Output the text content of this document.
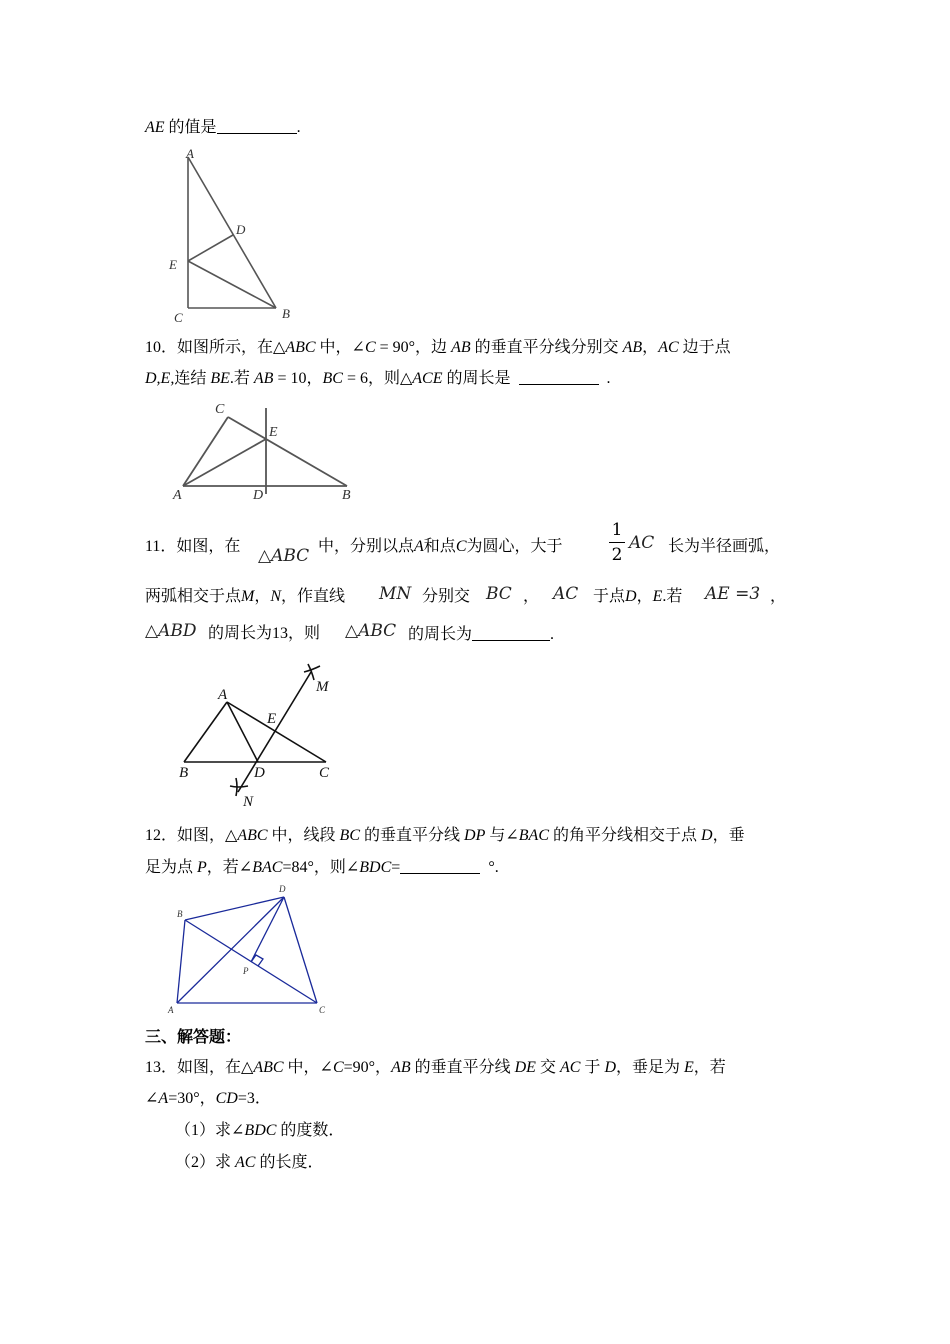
AE 的值是	.
A
D
E
C	B
10．如图所示，在△ABC 中，∠C = 90°，边 AB 的垂直平分线分别交 AB，AC 边于点
D,E,连结 BE.若 AB = 10，BC = 6，则△ACE 的周长是	.
C
E
A	D	B
11．如图，在 △ABC 中，分别以点A和点C为圆心，大于
1
2
AC 长为半径画弧，
两弧相交于点M，N，作直线 MN 分别交 BC ， AC 于点D，E.若 AE =3 ，
△ABD 的周长为13，则 △ABC 的周长为	.
A
E
M
B	D	C
N
12．如图，△ABC 中，线段 BC 的垂直平分线 DP 与∠BAC 的角平分线相交于点 D，垂
足为点 P，若∠BAC=84°，则∠BDC=	°.
B
D
P
A	C
三、解答题：
13．如图，在△ABC 中，∠C=90°，AB 的垂直平分线 DE 交 AC 于 D，垂足为 E，若
∠A=30°，CD=3．
（1）求∠BDC 的度数．
（2）求 AC 的长度．
